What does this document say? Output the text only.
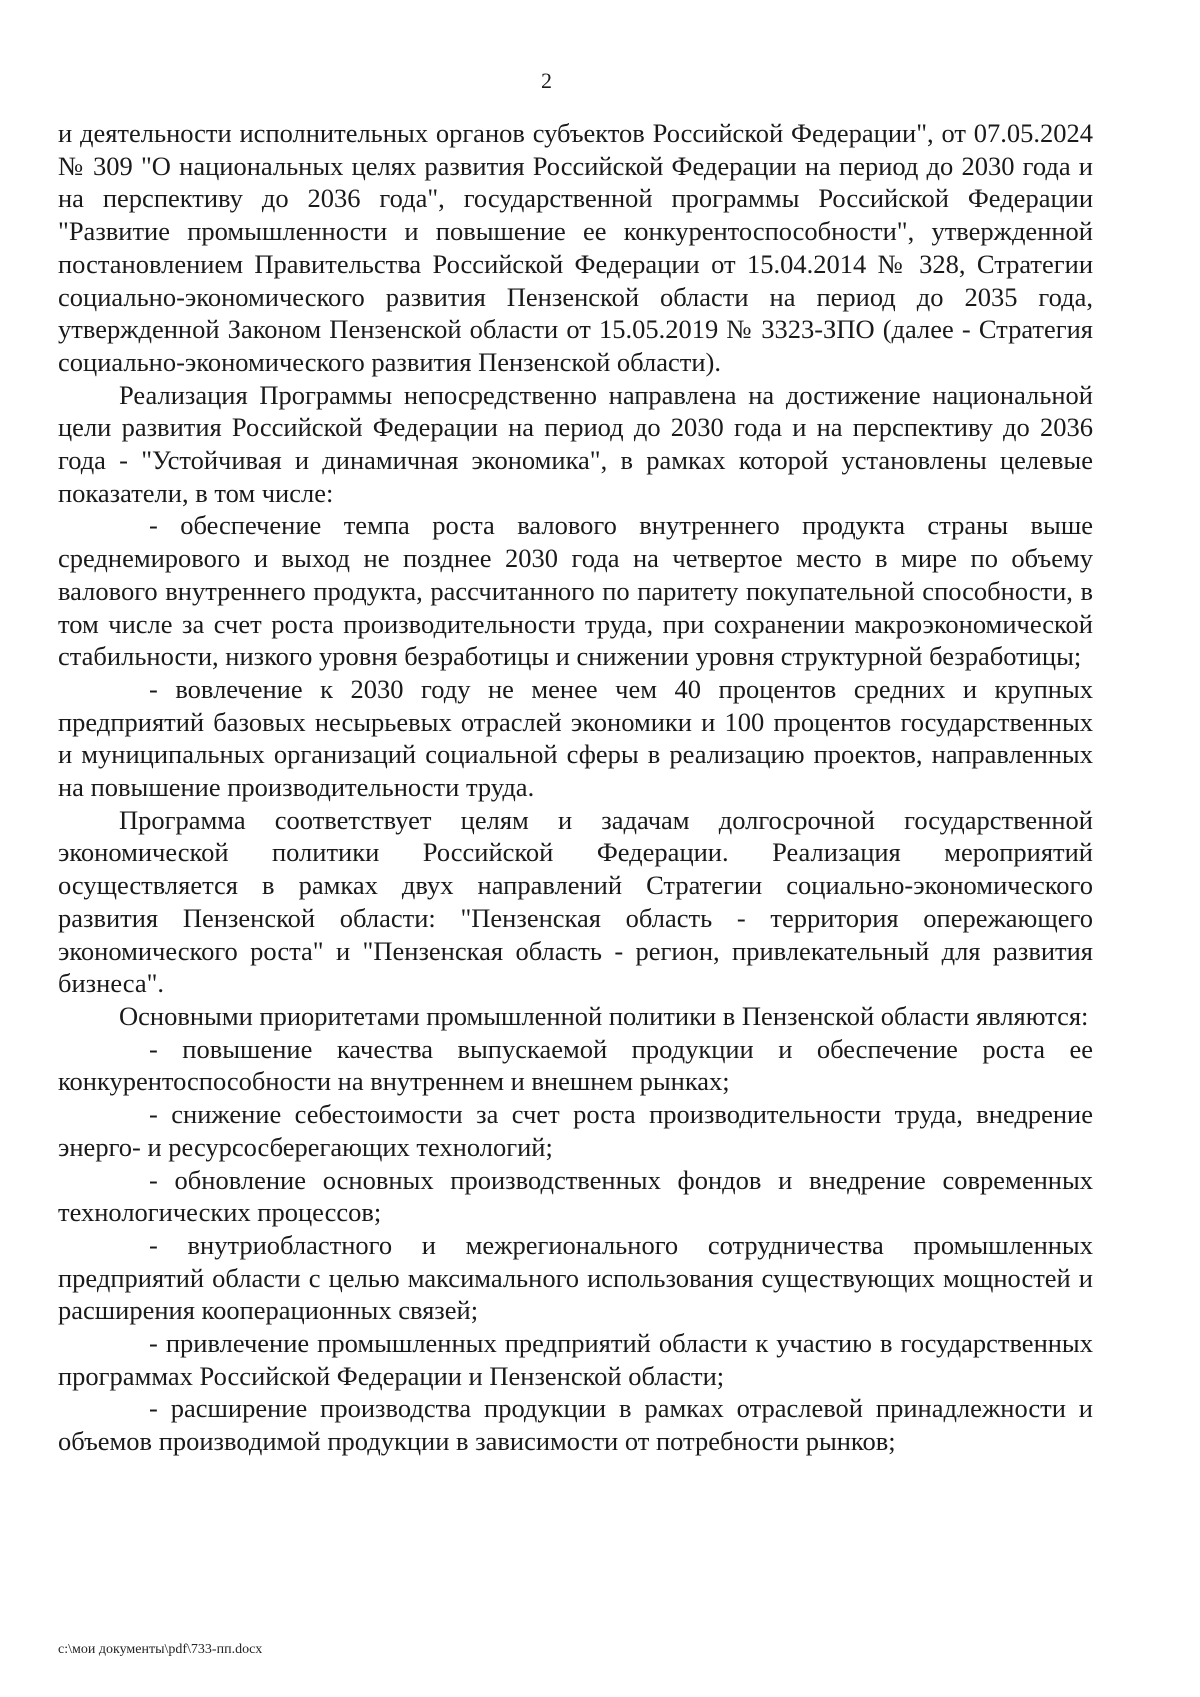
2

и деятельности исполнительных органов субъектов Российской Федерации", от 07.05.2024 № 309 "О национальных целях развития Российской Федерации на период до 2030 года и на перспективу до 2036 года", государственной программы Российской Федерации "Развитие промышленности и повышение ее конкурентоспособности", утвержденной постановлением Правительства Российской Федерации от 15.04.2014 № 328, Стратегии социально-экономического развития Пензенской области на период до 2035 года, утвержденной Законом Пензенской области от 15.05.2019 № 3323-ЗПО (далее - Стратегия социально-экономического развития Пензенской области).

Реализация Программы непосредственно направлена на достижение национальной цели развития Российской Федерации на период до 2030 года и на перспективу до 2036 года - "Устойчивая и динамичная экономика", в рамках которой установлены целевые показатели, в том числе:

- обеспечение темпа роста валового внутреннего продукта страны выше среднемирового и выход не позднее 2030 года на четвертое место в мире по объему валового внутреннего продукта, рассчитанного по паритету покупательной способности, в том числе за счет роста производительности труда, при сохранении макроэкономической стабильности, низкого уровня безработицы и снижении уровня структурной безработицы;

- вовлечение к 2030 году не менее чем 40 процентов средних и крупных предприятий базовых несырьевых отраслей экономики и 100 процентов государственных и муниципальных организаций социальной сферы в реализацию проектов, направленных на повышение производительности труда.

Программа соответствует целям и задачам долгосрочной государственной экономической политики Российской Федерации. Реализация мероприятий осуществляется в рамках двух направлений Стратегии социально-экономического развития Пензенской области: "Пензенская область - территория опережающего экономического роста" и "Пензенская область - регион, привлекательный для развития бизнеса".

Основными приоритетами промышленной политики в Пензенской области являются:

- повышение качества выпускаемой продукции и обеспечение роста ее конкурентоспособности на внутреннем и внешнем рынках;

- снижение себестоимости за счет роста производительности труда, внедрение энерго- и ресурсосберегающих технологий;

- обновление основных производственных фондов и внедрение современных технологических процессов;

- внутриобластного и межрегионального сотрудничества промышленных предприятий области с целью максимального использования существующих мощностей и расширения кооперационных связей;

- привлечение промышленных предприятий области к участию в государственных программах Российской Федерации и Пензенской области;

- расширение производства продукции в рамках отраслевой принадлежности и объемов производимой продукции в зависимости от потребности рынков;

c:\мои документы\pdf\733-пп.docx
